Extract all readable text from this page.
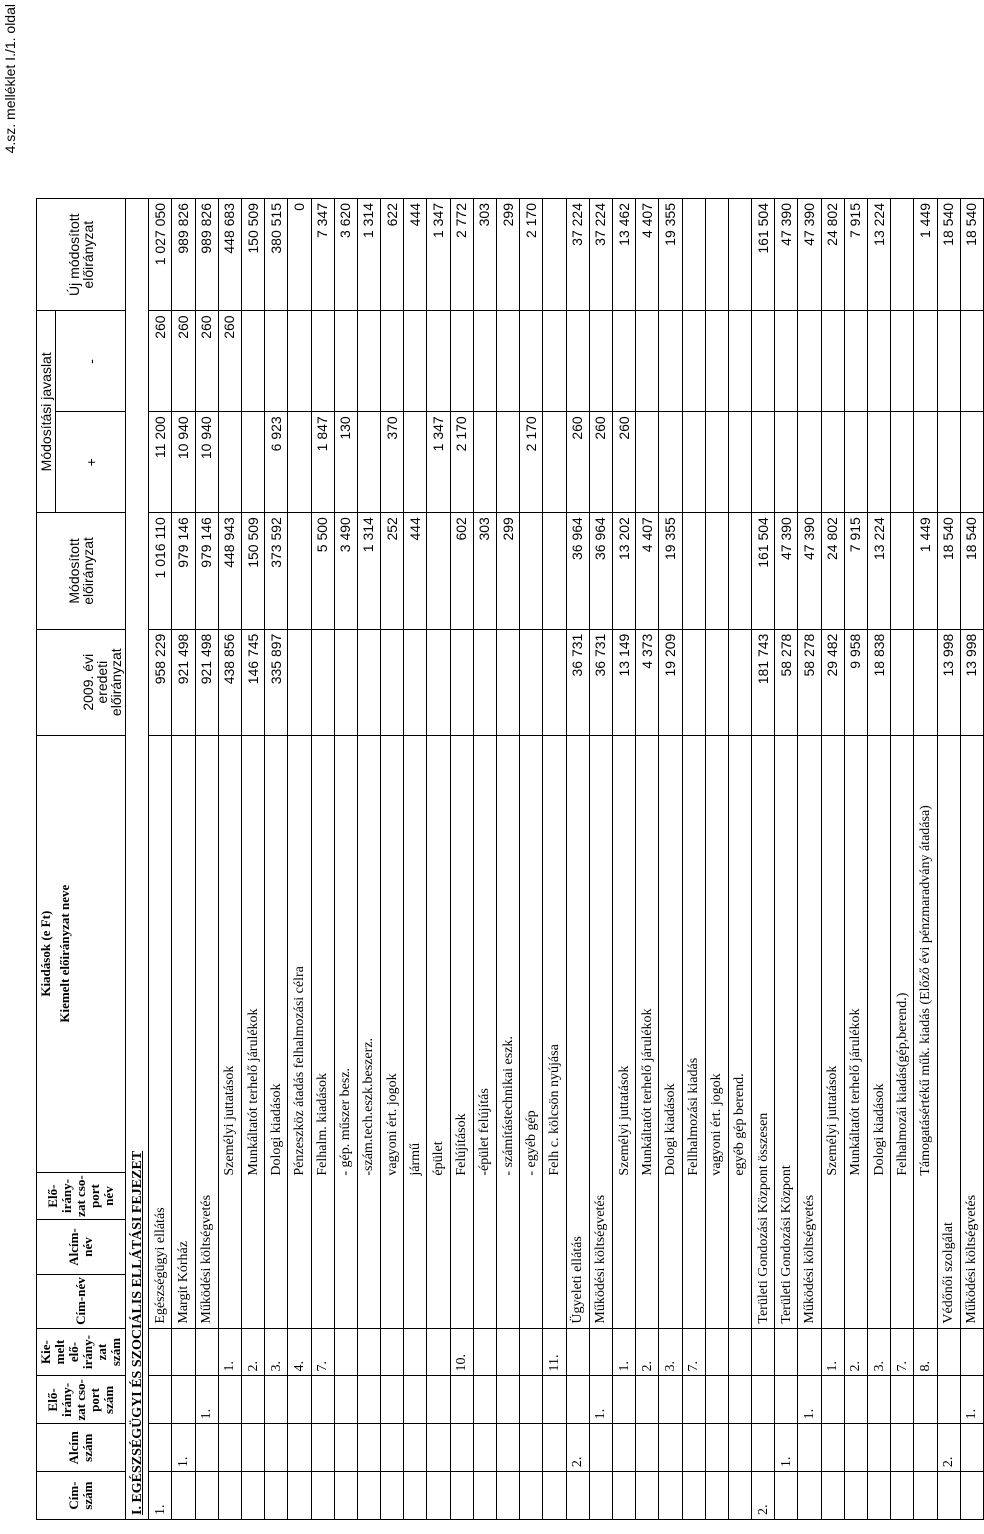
4.sz. melléklet I./1. oldal
Cím-szám	Alcím szám	Elő-irány-zat cso-port szám	Kie-melt elő-irány-zat szám	Cím-név	Alcím-név	Elő-irány-zat cso-port név	Kiadások (e Ft)	2009. évi eredeti előirányzat	Módosított előirányzat	Módosítási javaslat		Új módosított előirányzat
							Kiemelt előirányzat neve			+	-	

I. EGÉSZSÉGÜGYI ÉS SZOCIÁLIS ELLÁTÁSI FEJEZET												
1.				Egészségügyi ellátás				958 229	1 016 110	11 200	260	1 027 050
	1.			Margit Kórház				921 498	979 146	10 940	260	989 826
		1.		Működési költségvetés				921 498	979 146	10 940	260	989 826
			1.	Személyi juttatások				438 856	448 943		260	448 683
			2.	Munkáltatót terhelő járulékok				146 745	150 509			150 509
			3.	Dologi kiadások				335 897	373 592	6 923		380 515
			4.	Pénzeszköz átadás felhalmozási célra								0
			7.	Felhalm. kiadások					5 500	1 847		7 347
				- gép. műszer besz.					3 490	130		3 620
				-szám.tech.eszk.beszerz.					1 314			1 314
				vagyoni ért. jogok					252	370		622
				jármű					444			444
				épület						1 347		1 347
			10.	Felújítások					602	2 170		2 772
				-épület felújítás					303			303
				- számítástechnikai eszk.					299			299
				- egyéb gép						2 170		2 170
			11.	Felh c. kölcsön nyújása								
	2.			Ügyeleti ellátás				36 731	36 964	260		37 224
		1.		Működési költségvetés				36 731	36 964	260		37 224
			1.	Személyi juttatások				13 149	13 202	260		13 462
			2.	Munkáltatót terhelő járulékok				4 373	4 407			4 407
			3.	Dologi kiadások				19 209	19 355			19 355
			7.	Fellhalmozási kiadás								
				vagyoni ért. jogok								
				egyéb gép berend.								
2.				Területi Gondozási Központ összesen				181 743	161 504			161 504
	1.			Területi Gondozási Központ				58 278	47 390			47 390
		1.		Működési költségvetés				58 278	47 390			47 390
			1.	Személyi juttatások				29 482	24 802			24 802
			2.	Munkáltatót terhelő járulékok				9 958	7 915			7 915
			3.	Dologi kiadások				18 838	13 224			13 224
			7.	Felhalmozái kiadás(gép,berend.)								
			8.	Támogatásértékű műk. kiadás (Előző évi pénzmaradvány átadása)					1 449			1 449
	2.			Védőnői szolgálat				13 998	18 540			18 540
		1.		Működési költségvetés				13 998	18 540			18 540
